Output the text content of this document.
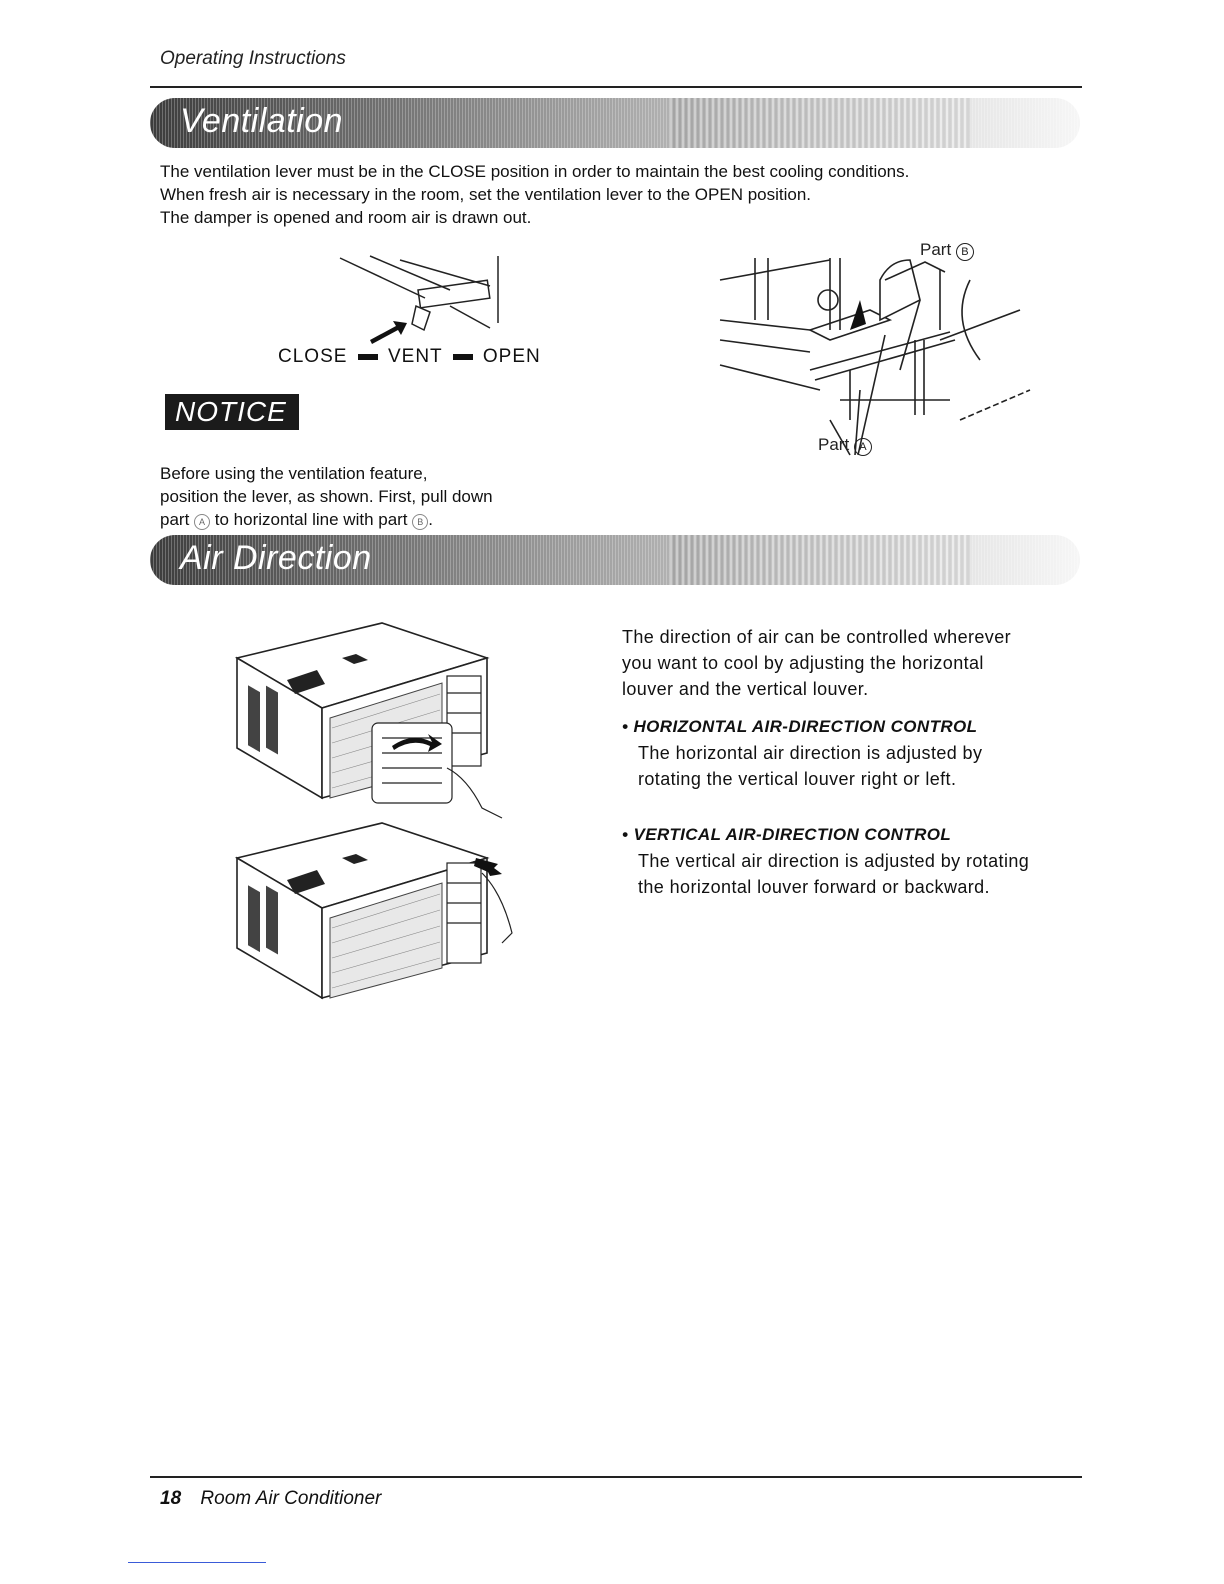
Operating Instructions
Ventilation
The ventilation lever must be in the CLOSE position in order to maintain the best cooling conditions.
When fresh air is necessary in the room, set the ventilation lever to the OPEN position.
The damper is opened and room air is drawn out.
CLOSE VENT OPEN
Part B
Part A
NOTICE
Before using the ventilation feature,
position the lever, as shown. First, pull down
part A to horizontal line with part B .
Air Direction
The direction of air can be controlled wherever
you want to cool by adjusting the horizontal
louver and the vertical louver.
• HORIZONTAL AIR-DIRECTION CONTROL
The horizontal air direction is adjusted by
rotating the vertical louver right or left.
• VERTICAL AIR-DIRECTION CONTROL
The vertical air direction is adjusted by rotating
the horizontal louver forward or backward.
18 Room Air Conditioner
